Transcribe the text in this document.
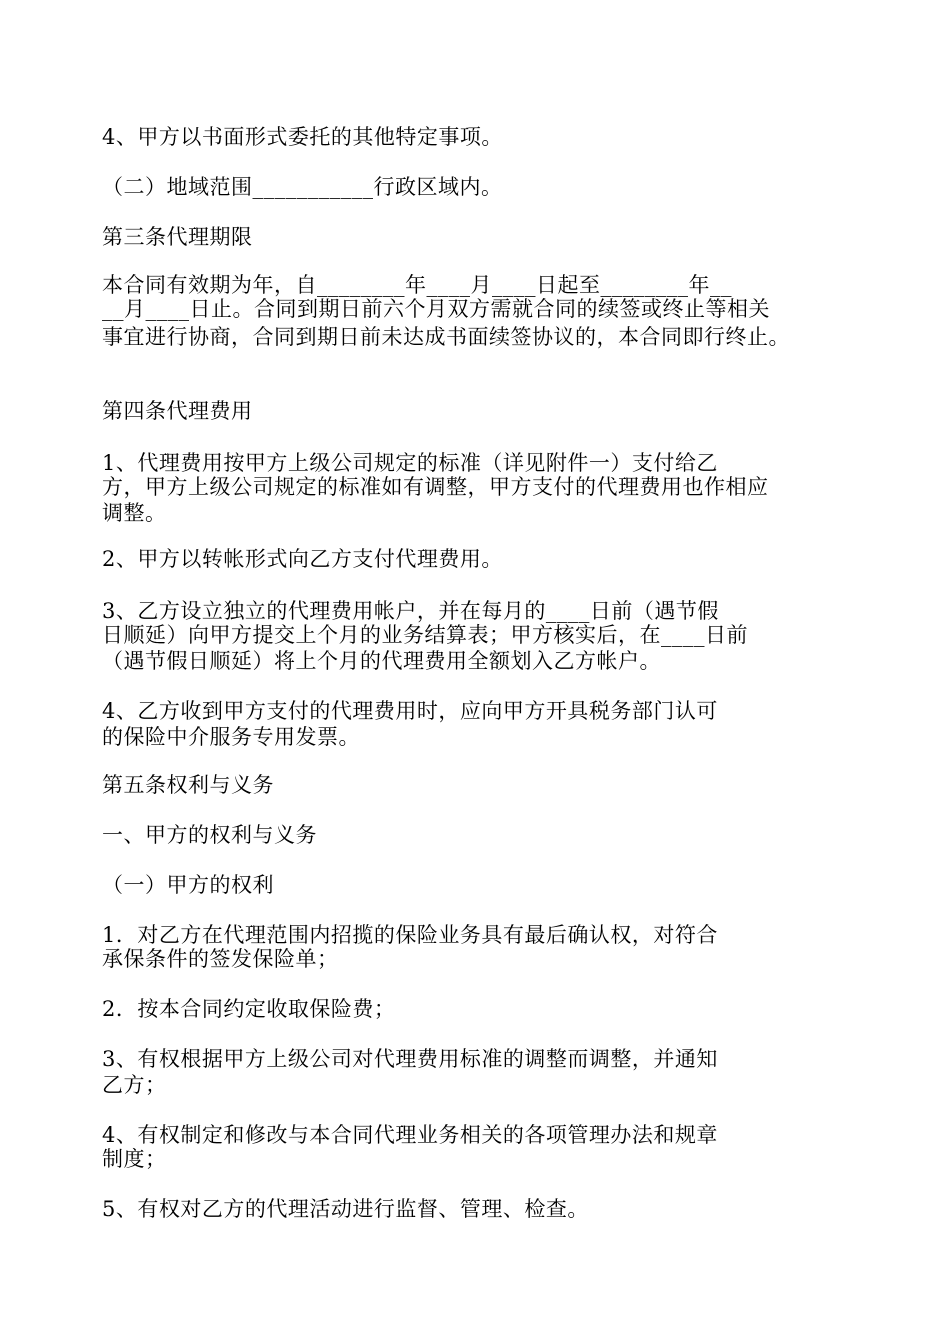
4、甲方以书面形式委托的其他特定事项。
（二）地域范围___________行政区域内。
第三条代理期限
本合同有效期为年，自________年____月____日起至________年__
__月____日止。合同到期日前六个月双方需就合同的续签或终止等相关
事宜进行协商，合同到期日前未达成书面续签协议的，本合同即行终止。
第四条代理费用
1、代理费用按甲方上级公司规定的标准（详见附件一）支付给乙
方，甲方上级公司规定的标准如有调整，甲方支付的代理费用也作相应
调整。
2、甲方以转帐形式向乙方支付代理费用。
3、乙方设立独立的代理费用帐户，并在每月的____日前（遇节假
日顺延）向甲方提交上个月的业务结算表；甲方核实后，在____日前
（遇节假日顺延）将上个月的代理费用全额划入乙方帐户。
4、乙方收到甲方支付的代理费用时，应向甲方开具税务部门认可
的保险中介服务专用发票。
第五条权利与义务
一、甲方的权利与义务
（一）甲方的权利
1．对乙方在代理范围内招揽的保险业务具有最后确认权，对符合
承保条件的签发保险单；
2．按本合同约定收取保险费；
3、有权根据甲方上级公司对代理费用标准的调整而调整，并通知
乙方；
4、有权制定和修改与本合同代理业务相关的各项管理办法和规章
制度；
5、有权对乙方的代理活动进行监督、管理、检查。
